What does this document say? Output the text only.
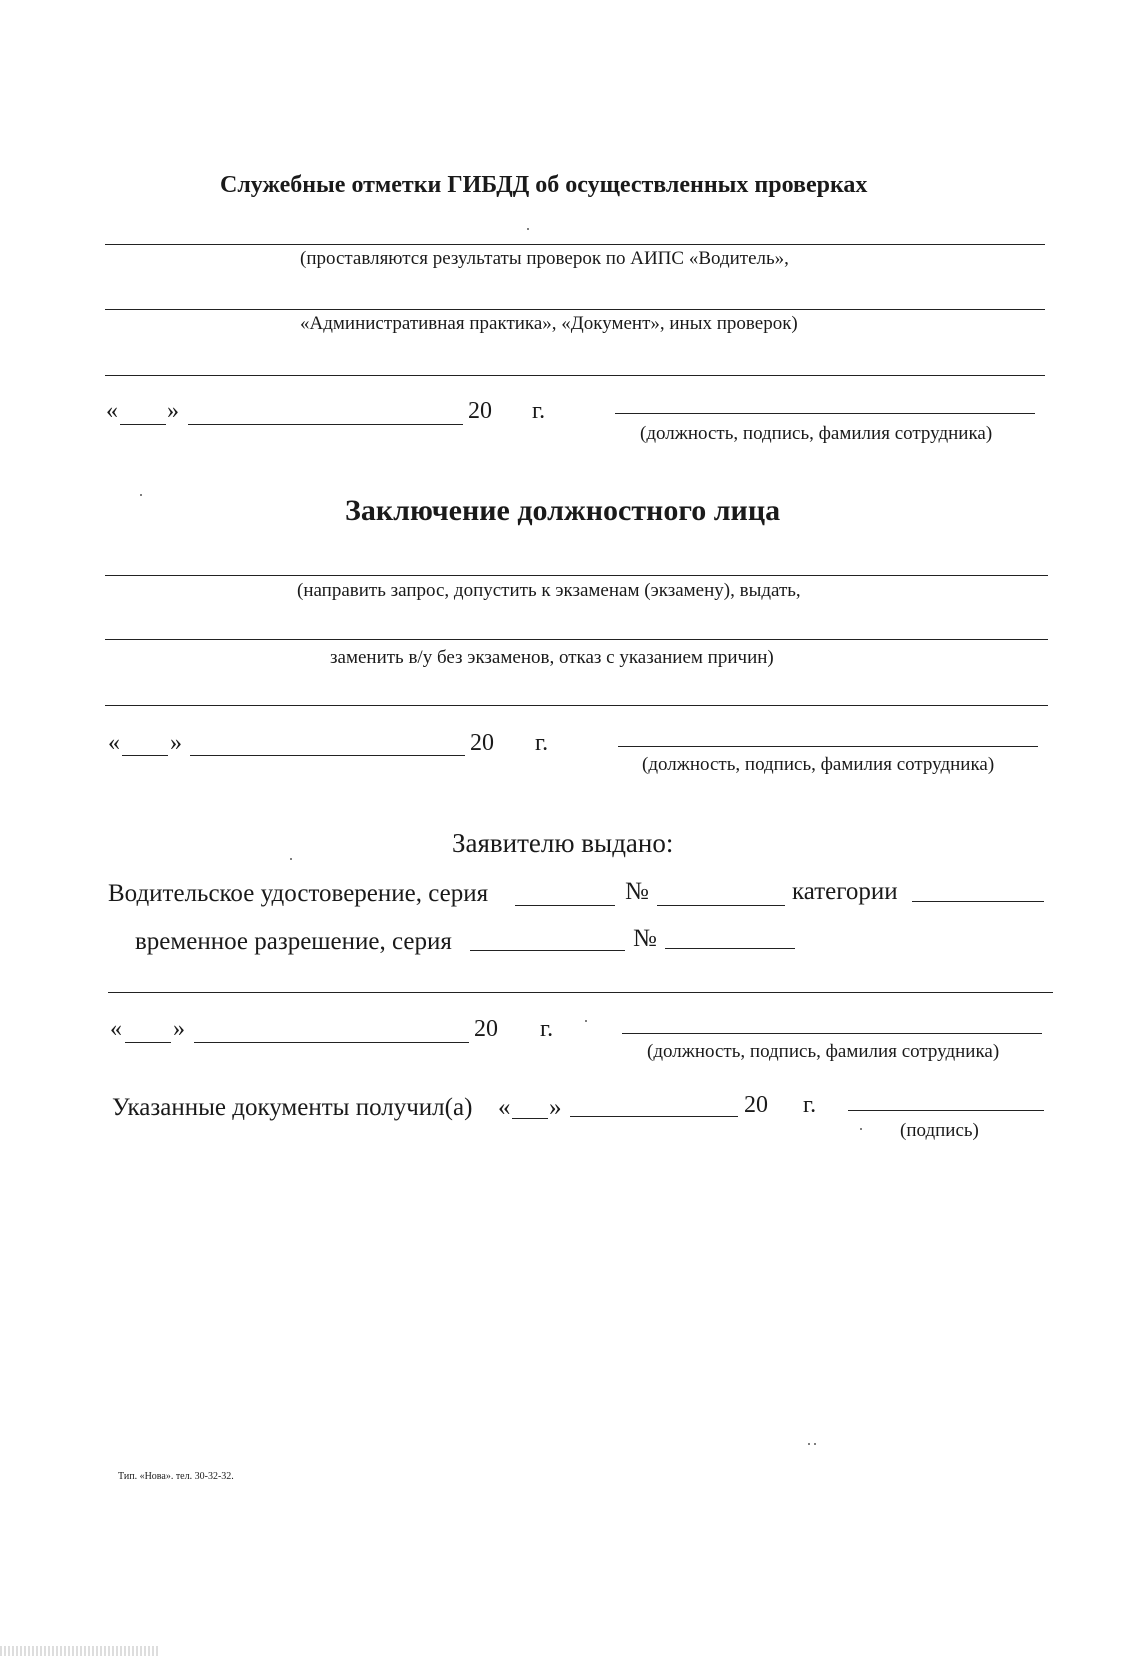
Служебные отметки ГИБДД об осуществленных проверках
(проставляются результаты проверок по АИПС «Водитель»,
«Административная практика», «Документ», иных проверок)
« »	20 г.
(должность, подпись, фамилия сотрудника)
Заключение должностного лица
(направить запрос, допустить к экзаменам (экзамену), выдать,
заменить в/у без экзаменов, отказ с указанием причин)
« »	20 г.
(должность, подпись, фамилия сотрудника)
Заявителю выдано:
Водительское удостоверение, серия	№	категории
временное разрешение, серия	№
« »	20 г.
(должность, подпись, фамилия сотрудника)
Указанные документы получил(а) « »	20 г.
(подпись)
Тип. «Нова». тел. 30-32-32.
